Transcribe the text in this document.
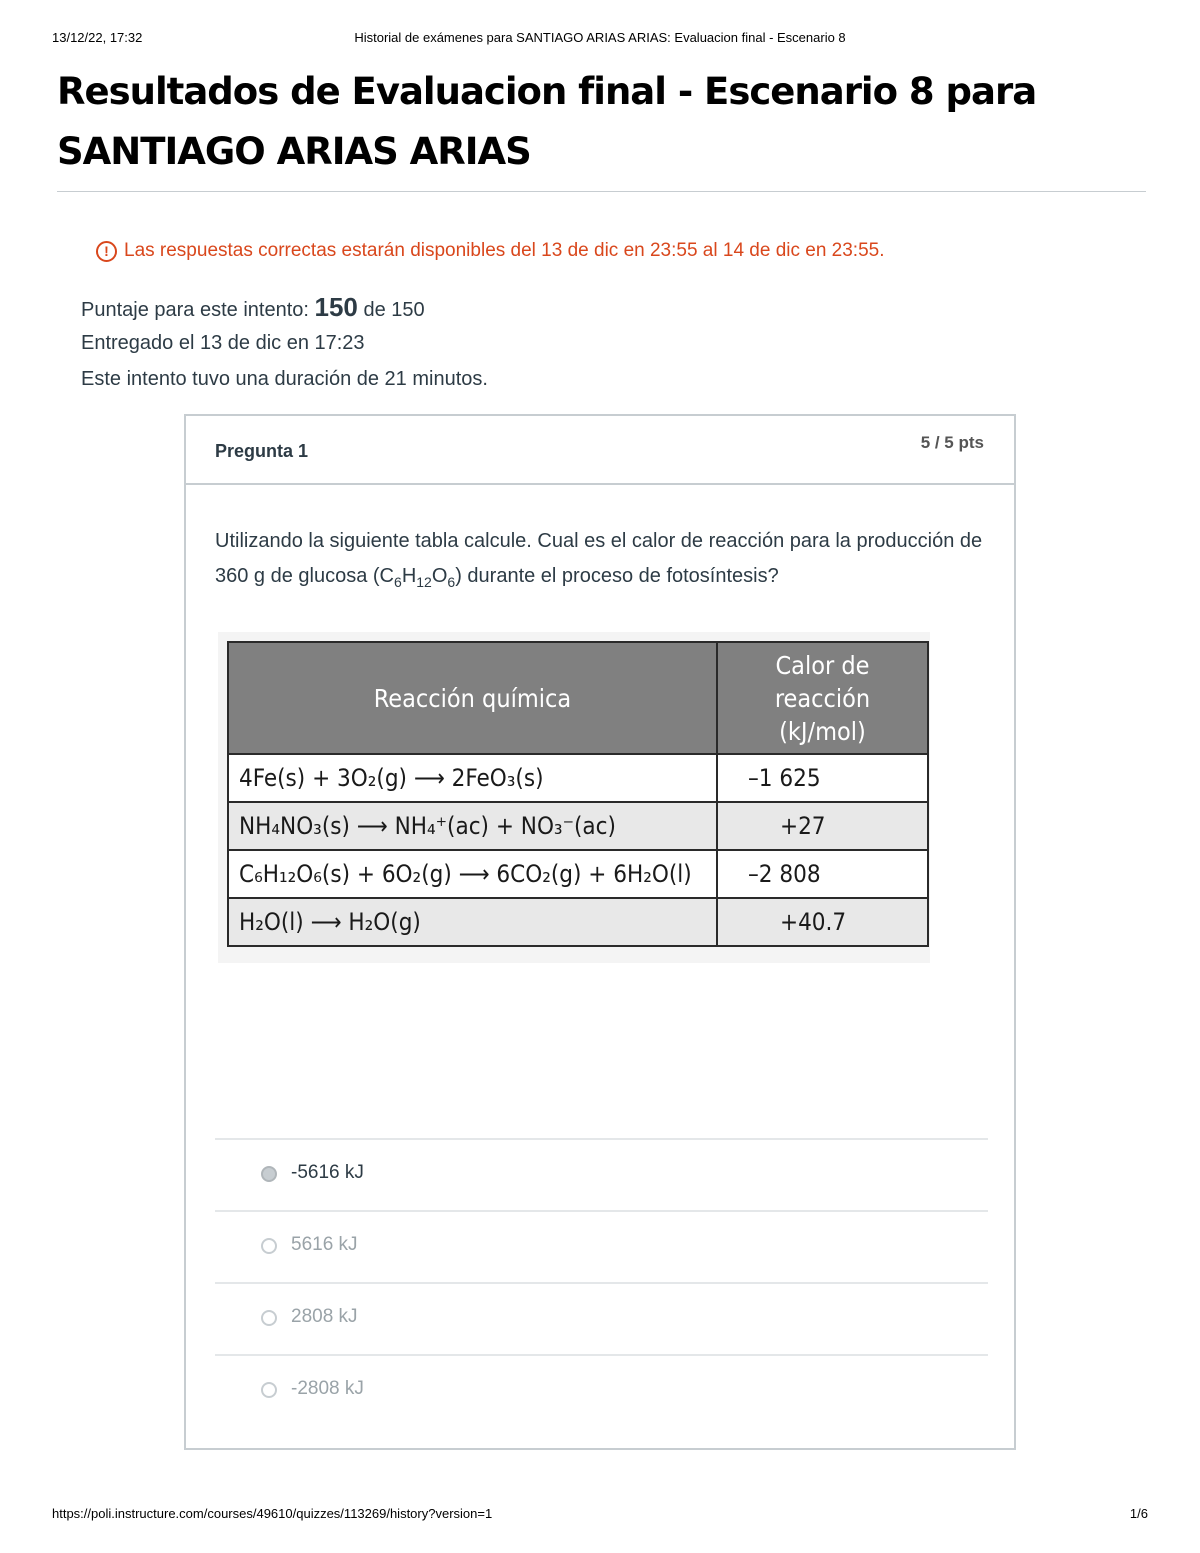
13/12/22, 17:32	Historial de exámenes para SANTIAGO ARIAS ARIAS: Evaluacion final - Escenario 8
Resultados de Evaluacion final - Escenario 8 para SANTIAGO ARIAS ARIAS
! Las respuestas correctas estarán disponibles del 13 de dic en 23:55 al 14 de dic en 23:55.
Puntaje para este intento: 150 de 150
Entregado el 13 de dic en 17:23
Este intento tuvo una duración de 21 minutos.
Pregunta 1	5 / 5 pts
Utilizando la siguiente tabla calcule. Cual es el calor de reacción para la producción de 360 g de glucosa $(C_6H_{12}O_6)$ durante el proceso de fotosíntesis?
Reacción química	Calor de reacción (kJ/mol)
4Fe(s) + 3O₂(g) ⟶ 2FeO₃(s)	–1 625
NH₄NO₃(s) ⟶ NH₄⁺(ac) + NO₃⁻(ac)	+27
C₆H₁₂O₆(s) + 6O₂(g) ⟶ 6CO₂(g) + 6H₂O(l)	–2 808
H₂O(l) ⟶ H₂O(g)	+40.7
-5616 kJ
5616 kJ
2808 kJ
-2808 kJ
https://poli.instructure.com/courses/49610/quizzes/113269/history?version=1	1/6
